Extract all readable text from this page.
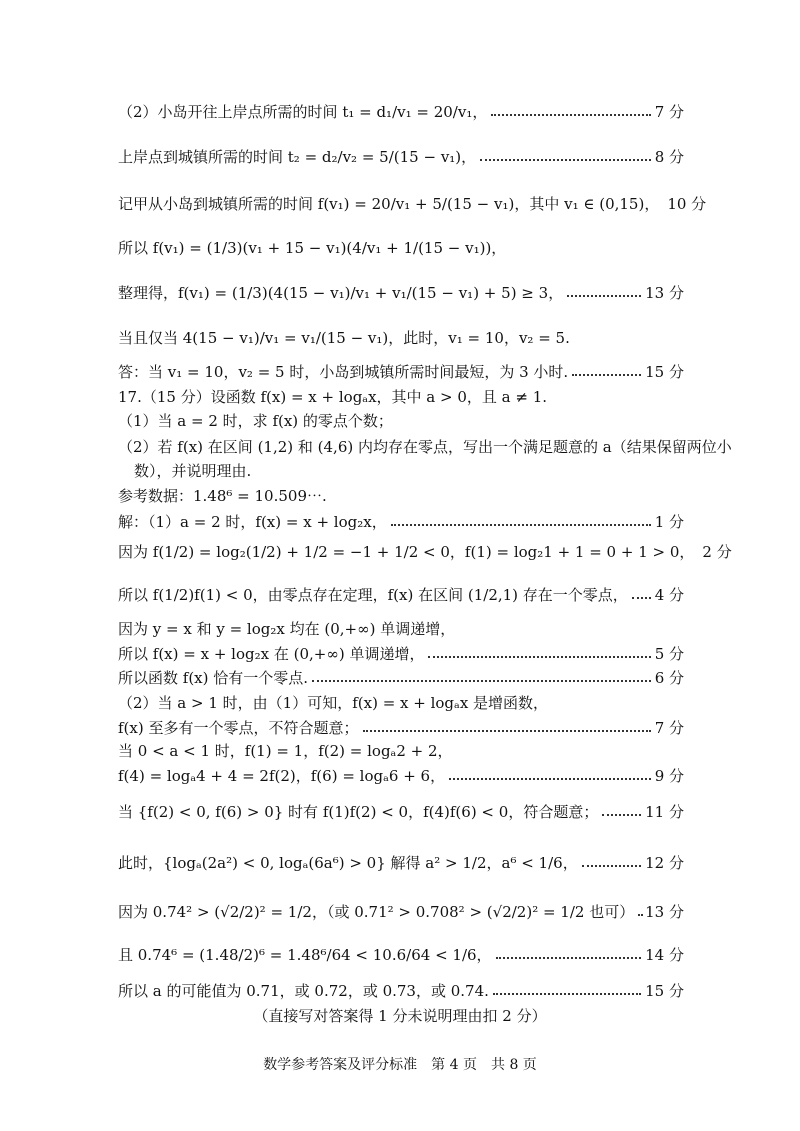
（2）小岛开往上岸点所需的时间 t₁ = d₁/v₁ = 20/v₁，	7 分
上岸点到城镇所需的时间 t₂ = d₂/v₂ = 5/(15 − v₁)，	8 分
记甲从小岛到城镇所需的时间 f(v₁) = 20/v₁ + 5/(15 − v₁)，其中 v₁ ∈ (0,15)， 10 分
所以 f(v₁) = (1/3)(v₁ + 15 − v₁)(4/v₁ + 1/(15 − v₁))，
整理得，f(v₁) = (1/3)(4(15 − v₁)/v₁ + v₁/(15 − v₁) + 5) ≥ 3，	13 分
当且仅当 4(15 − v₁)/v₁ = v₁/(15 − v₁)，此时，v₁ = 10，v₂ = 5.
答：当 v₁ = 10，v₂ = 5 时，小岛到城镇所需时间最短，为 3 小时.	15 分
17.（15 分）设函数 f(x) = x + logₐx，其中 a > 0，且 a ≠ 1.
（1）当 a = 2 时，求 f(x) 的零点个数；
（2）若 f(x) 在区间 (1,2) 和 (4,6) 内均存在零点，写出一个满足题意的 a（结果保留两位小
数），并说明理由.
参考数据：1.48⁶ = 10.509⋯.
解：（1）a = 2 时，f(x) = x + log₂x，	1 分
因为 f(1/2) = log₂(1/2) + 1/2 = −1 + 1/2 < 0，f(1) = log₂1 + 1 = 0 + 1 > 0， 2 分
所以 f(1/2)f(1) < 0，由零点存在定理，f(x) 在区间 (1/2,1) 存在一个零点， 4 分
因为 y = x 和 y = log₂x 均在 (0,+∞) 单调递增，
所以 f(x) = x + log₂x 在 (0,+∞) 单调递增，	5 分
所以函数 f(x) 恰有一个零点.	6 分
（2）当 a > 1 时，由（1）可知，f(x) = x + logₐx 是增函数，
f(x) 至多有一个零点，不符合题意；	7 分
当 0 < a < 1 时，f(1) = 1，f(2) = logₐ2 + 2，
f(4) = logₐ4 + 4 = 2f(2)，f(6) = logₐ6 + 6，	9 分
当 {f(2) < 0, f(6) > 0} 时有 f(1)f(2) < 0，f(4)f(6) < 0，符合题意；	11 分
此时，{logₐ(2a²) < 0, logₐ(6a⁶) > 0} 解得 a² > 1/2，a⁶ < 1/6，	12 分
因为 0.74² > (√2/2)² = 1/2，（或 0.71² > 0.708² > (√2/2)² = 1/2 也可） 13 分
且 0.74⁶ = (1.48/2)⁶ = 1.48⁶/64 < 10.6/64 < 1/6，	14 分
所以 a 的可能值为 0.71，或 0.72，或 0.73，或 0.74.	15 分
（直接写对答案得 1 分未说明理由扣 2 分）
数学参考答案及评分标准　第 4 页　共 8 页
